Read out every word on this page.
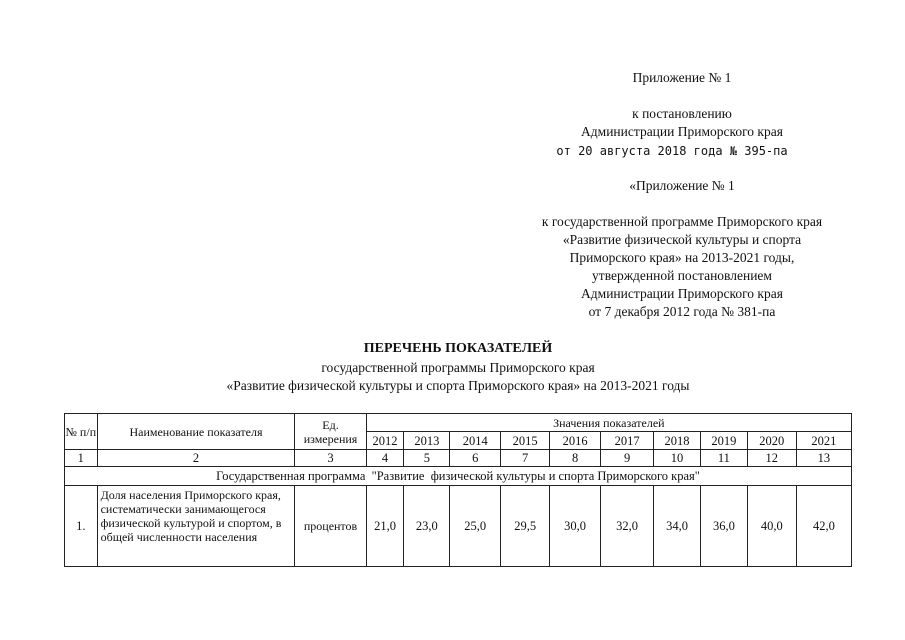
Приложение № 1
к постановлению
Администрации Приморского края
от 20 августа 2018 года № 395-па
«Приложение № 1
к государственной программе Приморского края
«Развитие физической культуры и спорта
Приморского края» на 2013-2021 годы,
утвержденной постановлением
Администрации Приморского края
от 7 декабря 2012 года № 381-па
ПЕРЕЧЕНЬ ПОКАЗАТЕЛЕЙ
государственной программы Приморского края
«Развитие физической культуры и спорта Приморского края» на 2013-2021 годы
№ п/п	Наименование показателя	Ед. измерения	Значения показателей									
			2012	2013	2014	2015	2016	2017	2018	2019	2020	2021
1	2	3	4	5	6	7	8	9	10	11	12	13
Государственная программа  "Развитие  физической культуры и спорта Приморского края"												
1.	Доля населения Приморского края, систематически занимающегося физической культурой и спортом, в общей численности населения	процентов	21,0	23,0	25,0	29,5	30,0	32,0	34,0	36,0	40,0	42,0
